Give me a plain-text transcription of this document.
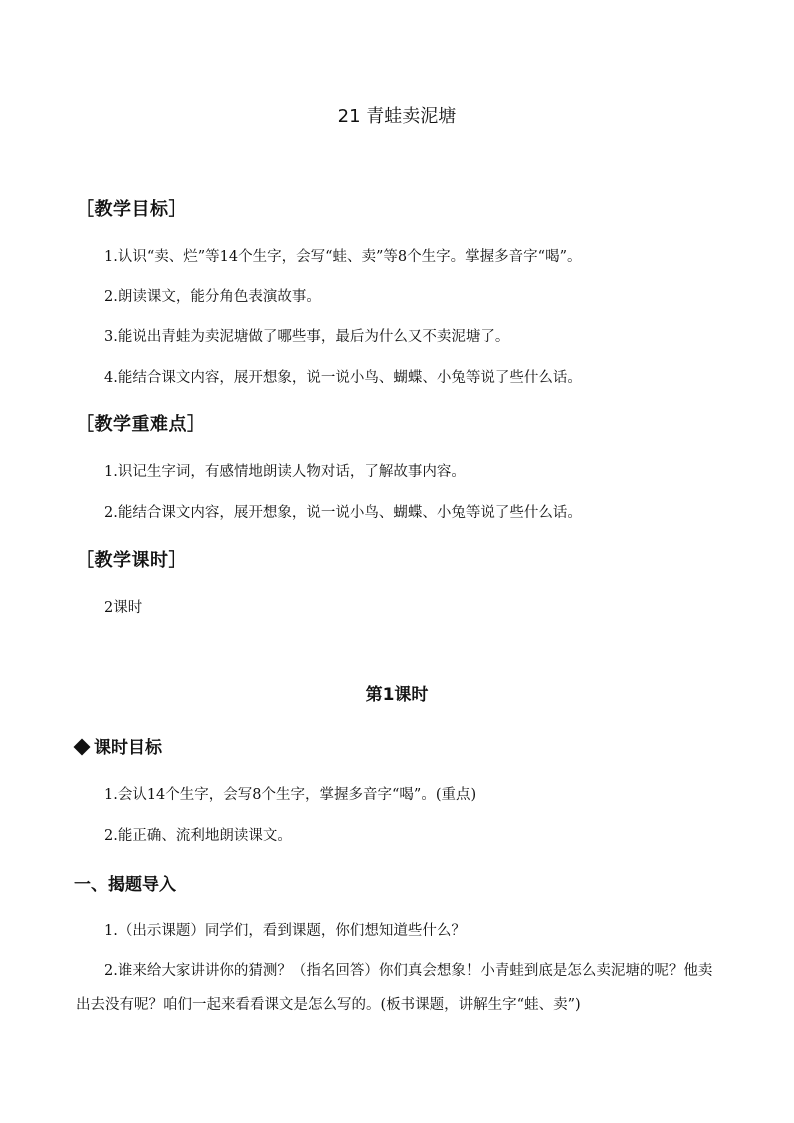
21 青蛙卖泥塘
［教学目标］
1.认识“卖、烂”等14个生字，会写“蛙、卖”等8个生字。掌握多音字“喝”。
2.朗读课文，能分角色表演故事。
3.能说出青蛙为卖泥塘做了哪些事，最后为什么又不卖泥塘了。
4.能结合课文内容，展开想象，说一说小鸟、蝴蝶、小兔等说了些什么话。
［教学重难点］
1.识记生字词，有感情地朗读人物对话，了解故事内容。
2.能结合课文内容，展开想象，说一说小鸟、蝴蝶、小兔等说了些什么话。
［教学课时］
2课时
第1课时
课时目标
1.会认14个生字，会写8个生字，掌握多音字“喝”。(重点)
2.能正确、流利地朗读课文。
一、揭题导入
1.（出示课题）同学们，看到课题，你们想知道些什么？
2.谁来给大家讲讲你的猜测？（指名回答）你们真会想象！小青蛙到底是怎么卖泥塘的呢？他卖出去没有呢？咱们一起来看看课文是怎么写的。(板书课题，讲解生字“蛙、卖”)
